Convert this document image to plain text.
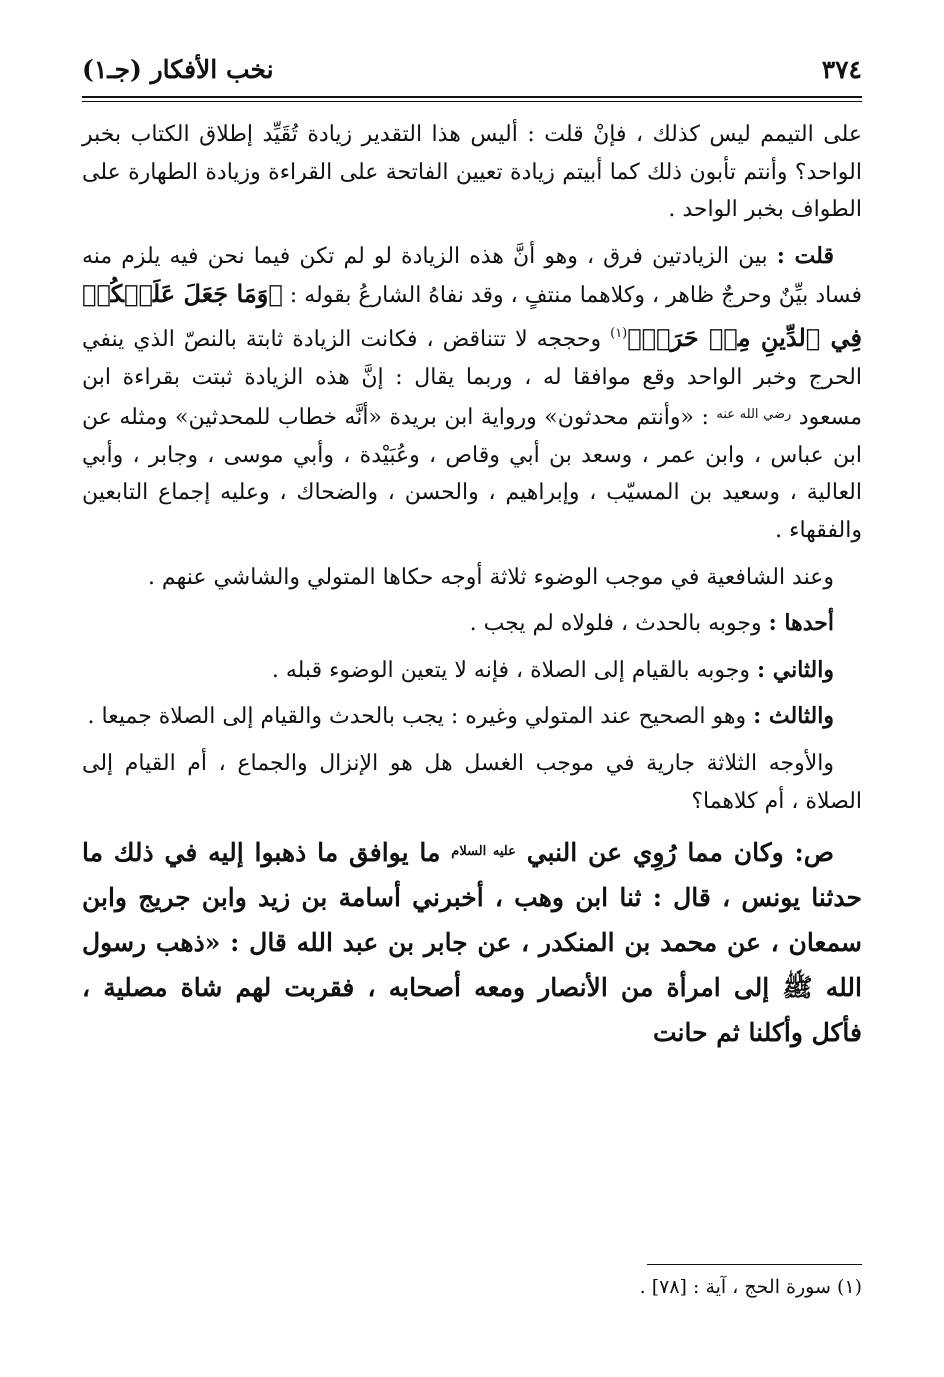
٣٧٤
نخب الأفكار (جـ١)

على التيمم ليس كذلك ، فإنْ قلت : أليس هذا التقدير زيادة تُقَيِّد إطلاق الكتاب بخبر الواحد؟ وأنتم تأبون ذلك كما أبيتم زيادة تعيين الفاتحة على القراءة وزيادة الطهارة على الطواف بخبر الواحد .

قلت : بين الزيادتين فرق ، وهو أنَّ هذه الزيادة لو لم تكن فيما نحن فيه يلزم منه فساد بيِّنٌ وحرجٌ ظاهر ، وكلاهما منتفٍ ، وقد نفاهُ الشارعُ بقوله : ﴿وَمَا جَعَلَ عَلَيۡكُمۡ فِي ٱلدِّينِ مِنۡ حَرَجٖ﴾$^{(١)}$ وحججه لا تتناقض ، فكانت الزيادة ثابتة بالنصّ الذي ينفي الحرج وخبر الواحد وقع موافقا له ، وربما يقال : إنَّ هذه الزيادة ثبتت بقراءة ابن مسعود $^{رضي الله عنه}$ : «وأنتم محدثون» ورواية ابن بريدة «أنَّه خطاب للمحدثين» ومثله عن ابن عباس ، وابن عمر ، وسعد بن أبي وقاص ، وعُبَيْدة ، وأبي موسى ، وجابر ، وأبي العالية ، وسعيد بن المسيّب ، وإبراهيم ، والحسن ، والضحاك ، وعليه إجماع التابعين والفقهاء .

وعند الشافعية في موجب الوضوء ثلاثة أوجه حكاها المتولي والشاشي عنهم .

أحدها : وجوبه بالحدث ، فلولاه لم يجب .

والثاني : وجوبه بالقيام إلى الصلاة ، فإنه لا يتعين الوضوء قبله .

والثالث : وهو الصحيح عند المتولي وغيره : يجب بالحدث والقيام إلى الصلاة جميعا .

والأوجه الثلاثة جارية في موجب الغسل هل هو الإنزال والجماع ، أم القيام إلى الصلاة ، أم كلاهما؟

ص: وكان مما رُوِي عن النبي $^{عليه السلام}$ ما يوافق ما ذهبوا إليه في ذلك ما حدثنا يونس ، قال : ثنا ابن وهب ، أخبرني أسامة بن زيد وابن جريج وابن سمعان ، عن محمد بن المنكدر ، عن جابر بن عبد الله قال : «ذهب رسول الله ﷺ إلى امرأة من الأنصار ومعه أصحابه ، فقربت لهم شاة مصلية ، فأكل وأكلنا ثم حانت

(١) سورة الحج ، آية : [٧٨] .
